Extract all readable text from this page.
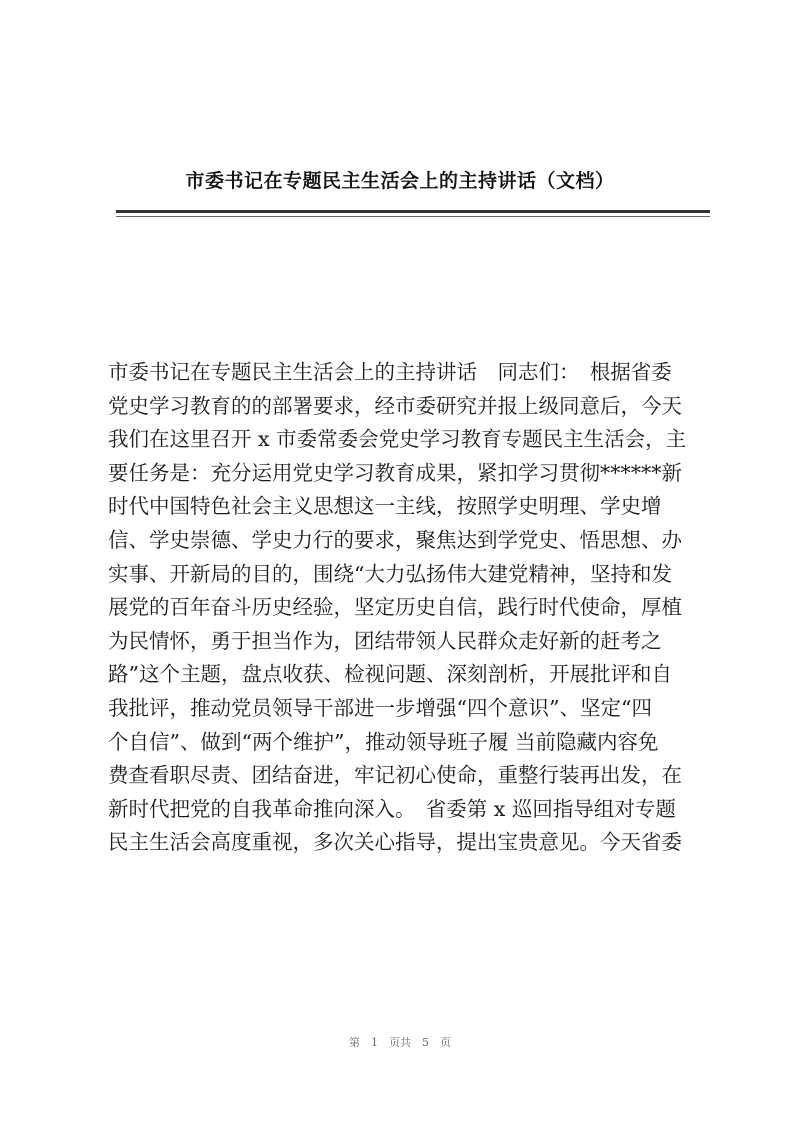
市委书记在专题民主生活会上的主持讲话（文档）
市委书记在专题民主生活会上的主持讲话　同志们：　根据省委
党史学习教育的的部署要求，经市委研究并报上级同意后，今天
我们在这里召开 x 市委常委会党史学习教育专题民主生活会，主
要任务是：充分运用党史学习教育成果，紧扣学习贯彻******新
时代中国特色社会主义思想这一主线，按照学史明理、学史增
信、学史崇德、学史力行的要求，聚焦达到学党史、悟思想、办
实事、开新局的目的，围绕“大力弘扬伟大建党精神，坚持和发
展党的百年奋斗历史经验，坚定历史自信，践行时代使命，厚植
为民情怀，勇于担当作为，团结带领人民群众走好新的赶考之
路”这个主题，盘点收获、检视问题、深刻剖析，开展批评和自
我批评，推动党员领导干部进一步增强“四个意识”、坚定“四
个自信”、做到“两个维护”，推动领导班子履 当前隐藏内容免
费查看职尽责、团结奋进，牢记初心使命，重整行装再出发，在
新时代把党的自我革命推向深入。　省委第 x 巡回指导组对专题
民主生活会高度重视，多次关心指导，提出宝贵意见。今天省委
第　1　页共　5　页
